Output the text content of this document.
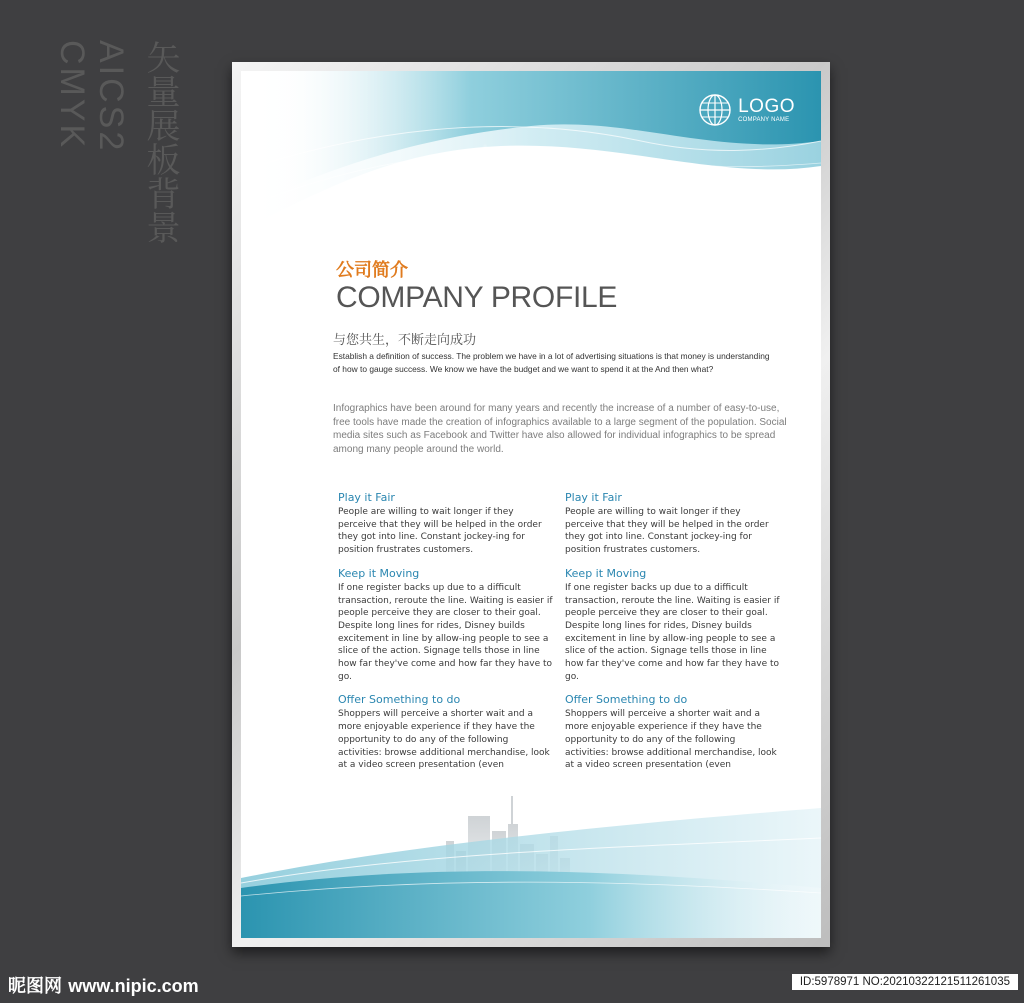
AICS2 CMYK	矢量展板背景	LOGO
COMPANY NAME
公司简介
COMPANY PROFILE
与您共生，不断走向成功
Establish a definition of success. The problem we have in a lot of advertising situations is that money is understanding of how to gauge success. We know we have the budget and we want to spend it at the And then what?
Infographics have been around for many years and recently the increase of a number of easy-to-use, free tools have made the creation of infographics available to a large segment of the population. Social media sites such as Facebook and Twitter have also allowed for individual infographics to be spread among many people around the world.
Play it Fair

People are willing to wait longer if they perceive that they will be helped in the order they got into line. Constant jockey-ing for position frustrates customers.

Keep it Moving

If one register backs up due to a difficult transaction, reroute the line. Waiting is easier if people perceive they are closer to their goal. Despite long lines for rides, Disney builds excitement in line by allow-ing people to see a slice of the action. Signage tells those in line how far they've come and how far they have to go.

Offer Something to do

Shoppers will perceive a shorter wait and a more enjoyable experience if they have the opportunity to do any of the following activities: browse additional merchandise, look at a video screen presentation (even

Play it Fair

People are willing to wait longer if they perceive that they will be helped in the order they got into line. Constant jockey-ing for position frustrates customers.

Keep it Moving

If one register backs up due to a difficult transaction, reroute the line. Waiting is easier if people perceive they are closer to their goal. Despite long lines for rides, Disney builds excitement in line by allow-ing people to see a slice of the action. Signage tells those in line how far they've come and how far they have to go.

Offer Something to do

Shoppers will perceive a shorter wait and a more enjoyable experience if they have the opportunity to do any of the following activities: browse additional merchandise, look at a video screen presentation (even

昵图网 www.nipic.com	ID:5978971 NO:20210322121511261035
